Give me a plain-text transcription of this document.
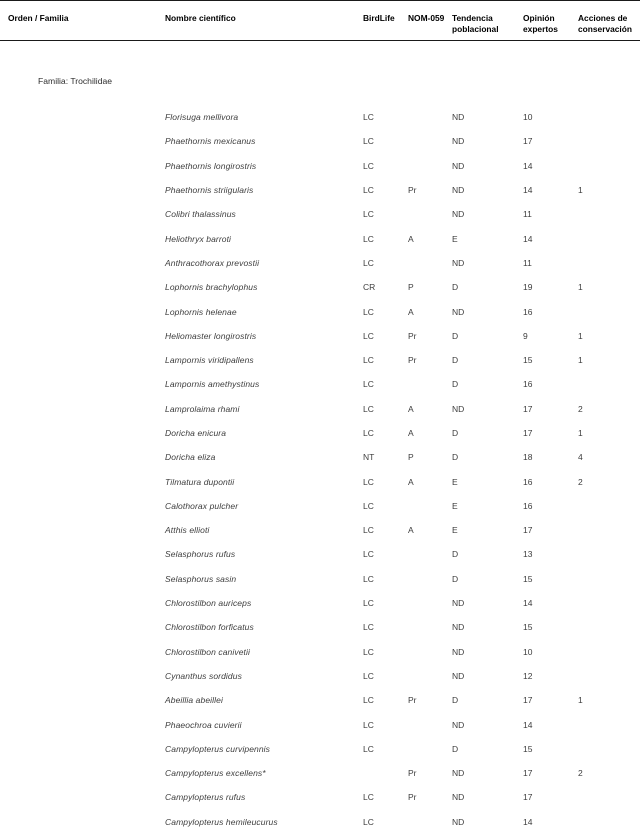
Orden / Familia	Nombre científico	BirdLife	NOM-059	Tendencia poblacional	Opinión expertos	Acciones de conservación

Familia: Trochilidae						

	Florisuga mellivora	LC		ND	10	
	Phaethornis mexicanus	LC		ND	17	
	Phaethornis longirostris	LC		ND	14	
	Phaethornis striigularis	LC	Pr	ND	14	1
	Colibri thalassinus	LC		ND	11	
	Heliothryx barroti	LC	A	E	14	
	Anthracothorax prevostii	LC		ND	11	
	Lophornis brachylophus	CR	P	D	19	1
	Lophornis helenae	LC	A	ND	16	
	Heliomaster longirostris	LC	Pr	D	9	1
	Lampornis viridipallens	LC	Pr	D	15	1
	Lampornis amethystinus	LC		D	16	
	Lamprolaima rhami	LC	A	ND	17	2
	Doricha enicura	LC	A	D	17	1
	Doricha eliza	NT	P	D	18	4
	Tilmatura dupontii	LC	A	E	16	2
	Calothorax pulcher	LC		E	16	
	Atthis ellioti	LC	A	E	17	
	Selasphorus rufus	LC		D	13	
	Selasphorus sasin	LC		D	15	
	Chlorostilbon auriceps	LC		ND	14	
	Chlorostilbon forficatus	LC		ND	15	
	Chlorostilbon canivetii	LC		ND	10	
	Cynanthus sordidus	LC		ND	12	
	Abeillia abeillei	LC	Pr	D	17	1
	Phaeochroa cuvierii	LC		ND	14	
	Campylopterus curvipennis	LC		D	15	
	Campylopterus excellens*		Pr	ND	17	2
	Campylopterus rufus	LC	Pr	ND	17	
	Campylopterus hemileucurus	LC		ND	14	
